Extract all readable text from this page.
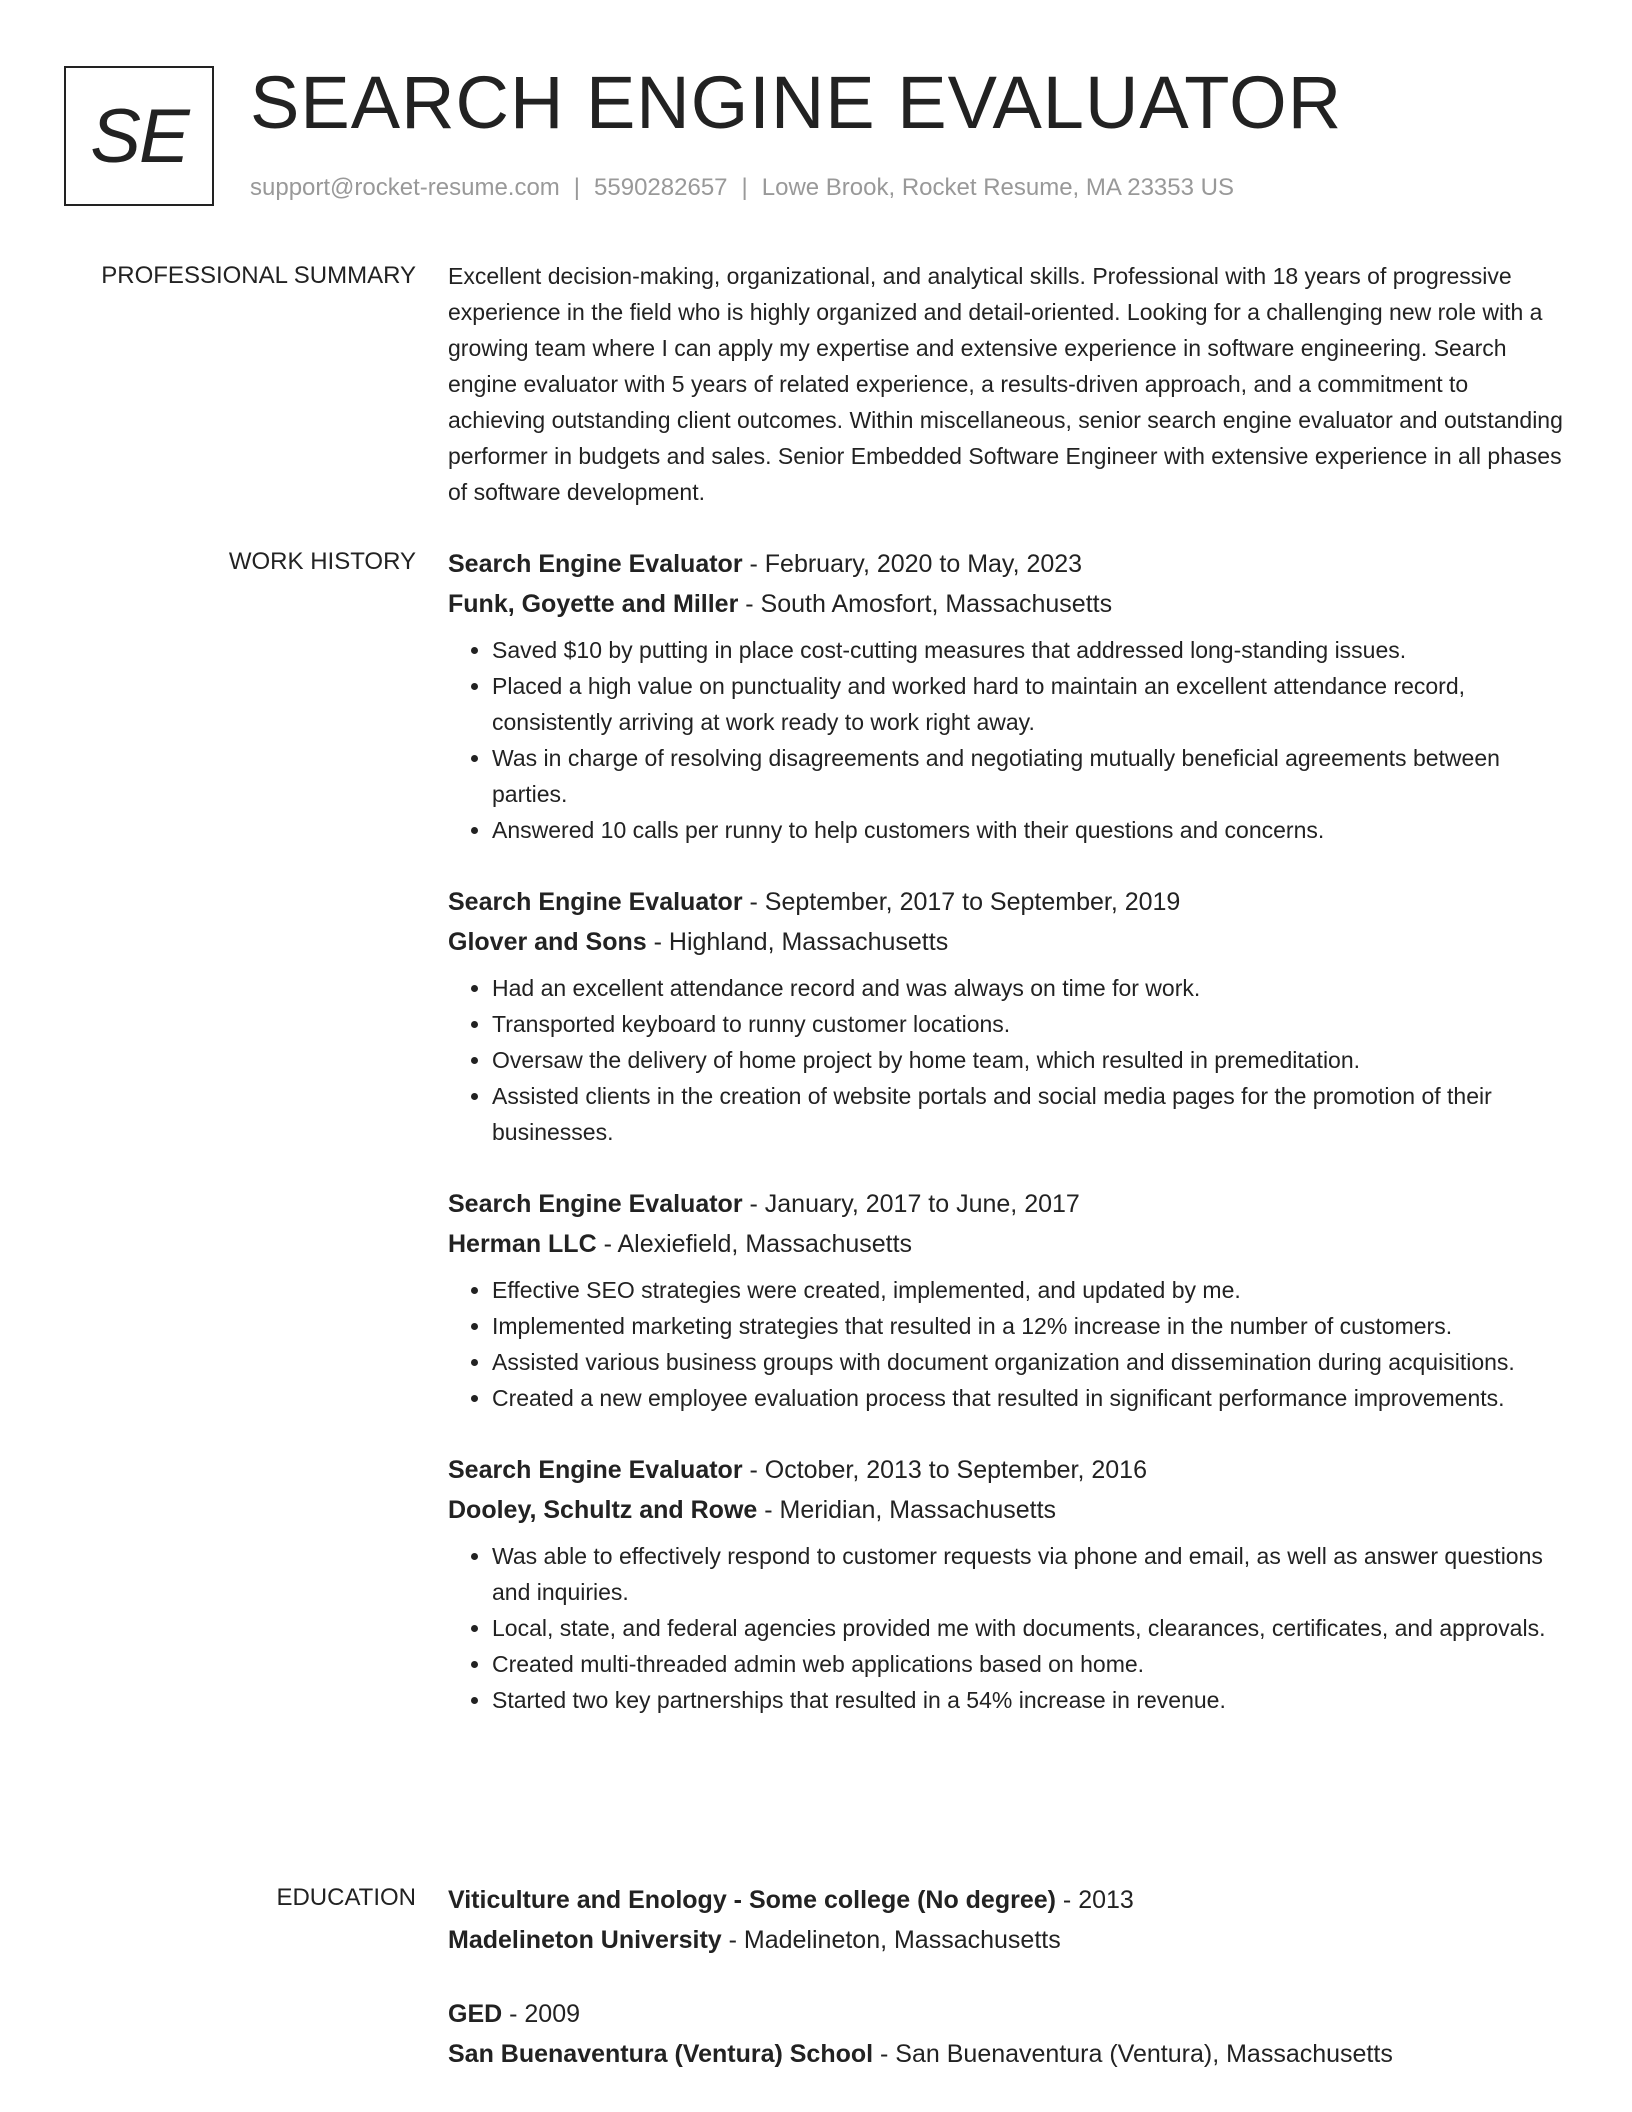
SE SEARCH ENGINE EVALUATOR
support@rocket-resume.com | 5590282657 | Lowe Brook, Rocket Resume, MA 23353 US
PROFESSIONAL SUMMARY Excellent decision-making, organizational, and analytical skills. Professional with 18 years of progressive experience in the field who is highly organized and detail-oriented. Looking for a challenging new role with a growing team where I can apply my expertise and extensive experience in software engineering. Search engine evaluator with 5 years of related experience, a results-driven approach, and a commitment to achieving outstanding client outcomes. Within miscellaneous, senior search engine evaluator and outstanding performer in budgets and sales. Senior Embedded Software Engineer with extensive experience in all phases of software development.

WORK HISTORY Search Engine Evaluator - February, 2020 to May, 2023
Funk, Goyette and Miller - South Amosfort, Massachusetts
• Saved $10 by putting in place cost-cutting measures that addressed long-standing issues.
• Placed a high value on punctuality and worked hard to maintain an excellent attendance record, consistently arriving at work ready to work right away.
• Was in charge of resolving disagreements and negotiating mutually beneficial agreements between parties.
• Answered 10 calls per runny to help customers with their questions and concerns.
Search Engine Evaluator - September, 2017 to September, 2019
Glover and Sons - Highland, Massachusetts
• Had an excellent attendance record and was always on time for work.
• Transported keyboard to runny customer locations.
• Oversaw the delivery of home project by home team, which resulted in premeditation.
• Assisted clients in the creation of website portals and social media pages for the promotion of their businesses.
Search Engine Evaluator - January, 2017 to June, 2017
Herman LLC - Alexiefield, Massachusetts
• Effective SEO strategies were created, implemented, and updated by me.
• Implemented marketing strategies that resulted in a 12% increase in the number of customers.
• Assisted various business groups with document organization and dissemination during acquisitions.
• Created a new employee evaluation process that resulted in significant performance improvements.
Search Engine Evaluator - October, 2013 to September, 2016
Dooley, Schultz and Rowe - Meridian, Massachusetts
• Was able to effectively respond to customer requests via phone and email, as well as answer questions and inquiries.
• Local, state, and federal agencies provided me with documents, clearances, certificates, and approvals.
• Created multi-threaded admin web applications based on home.
• Started two key partnerships that resulted in a 54% increase in revenue.
EDUCATION Viticulture and Enology - Some college (No degree) - 2013
Madelineton University - Madelineton, Massachusetts
GED - 2009
San Buenaventura (Ventura) School - San Buenaventura (Ventura), Massachusetts
